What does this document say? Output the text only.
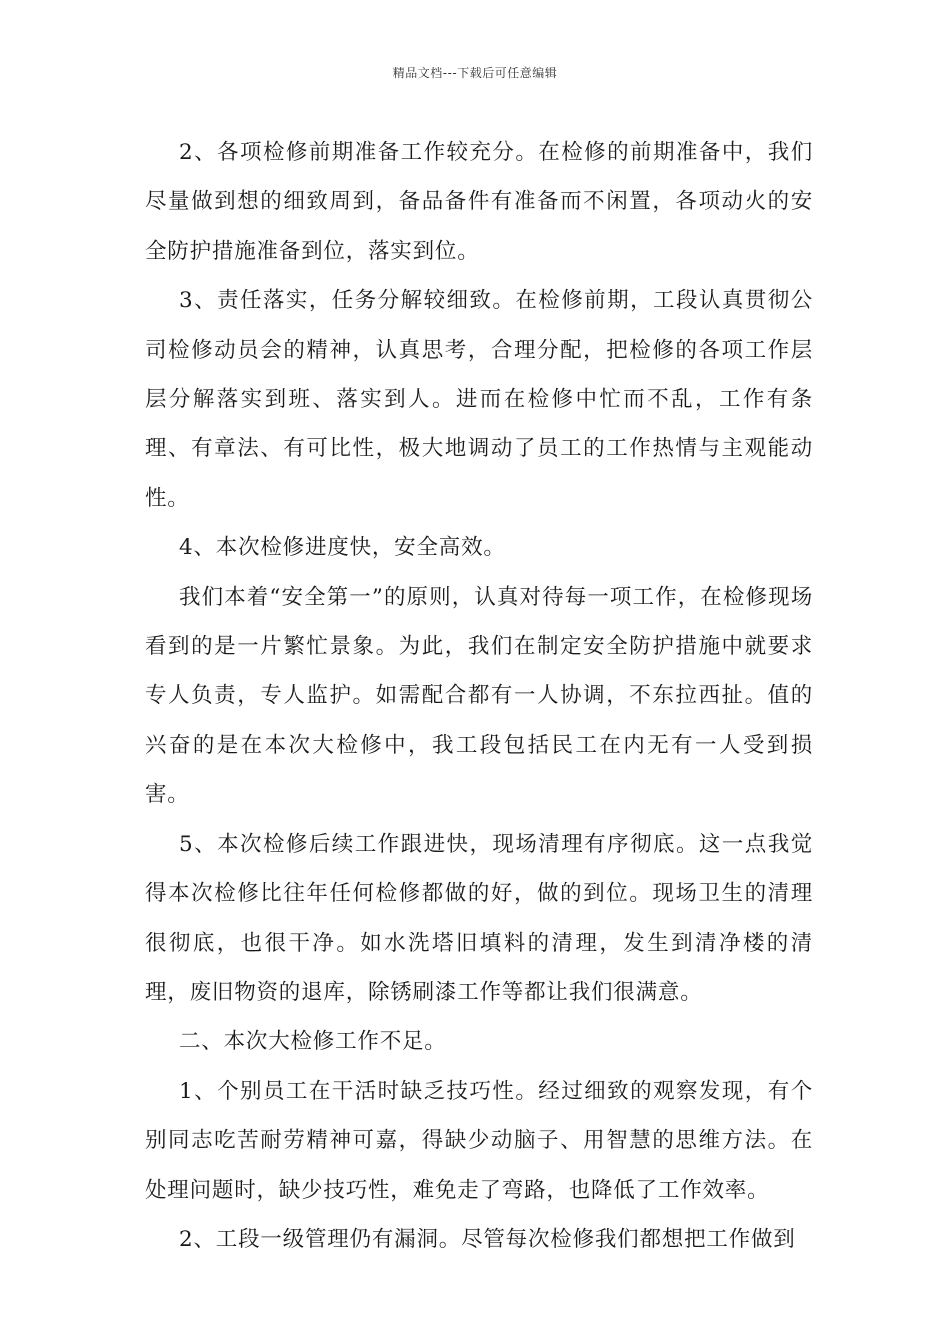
精品文档---下载后可任意编辑

2、各项检修前期准备工作较充分。在检修的前期准备中，我们尽量做到想的细致周到，备品备件有准备而不闲置，各项动火的安全防护措施准备到位，落实到位。

3、责任落实，任务分解较细致。在检修前期，工段认真贯彻公司检修动员会的精神，认真思考，合理分配，把检修的各项工作层层分解落实到班、落实到人。进而在检修中忙而不乱，工作有条理、有章法、有可比性，极大地调动了员工的工作热情与主观能动性。

4、本次检修进度快，安全高效。

我们本着“安全第一”的原则，认真对待每一项工作，在检修现场看到的是一片繁忙景象。为此，我们在制定安全防护措施中就要求专人负责，专人监护。如需配合都有一人协调，不东拉西扯。值的兴奋的是在本次大检修中，我工段包括民工在内无有一人受到损害。

5、本次检修后续工作跟进快，现场清理有序彻底。这一点我觉得本次检修比往年任何检修都做的好，做的到位。现场卫生的清理很彻底，也很干净。如水洗塔旧填料的清理，发生到清净楼的清理，废旧物资的退库，除锈刷漆工作等都让我们很满意。

二、本次大检修工作不足。

1、个别员工在干活时缺乏技巧性。经过细致的观察发现，有个别同志吃苦耐劳精神可嘉，得缺少动脑子、用智慧的思维方法。在处理问题时，缺少技巧性，难免走了弯路，也降低了工作效率。

2、工段一级管理仍有漏洞。尽管每次检修我们都想把工作做到
